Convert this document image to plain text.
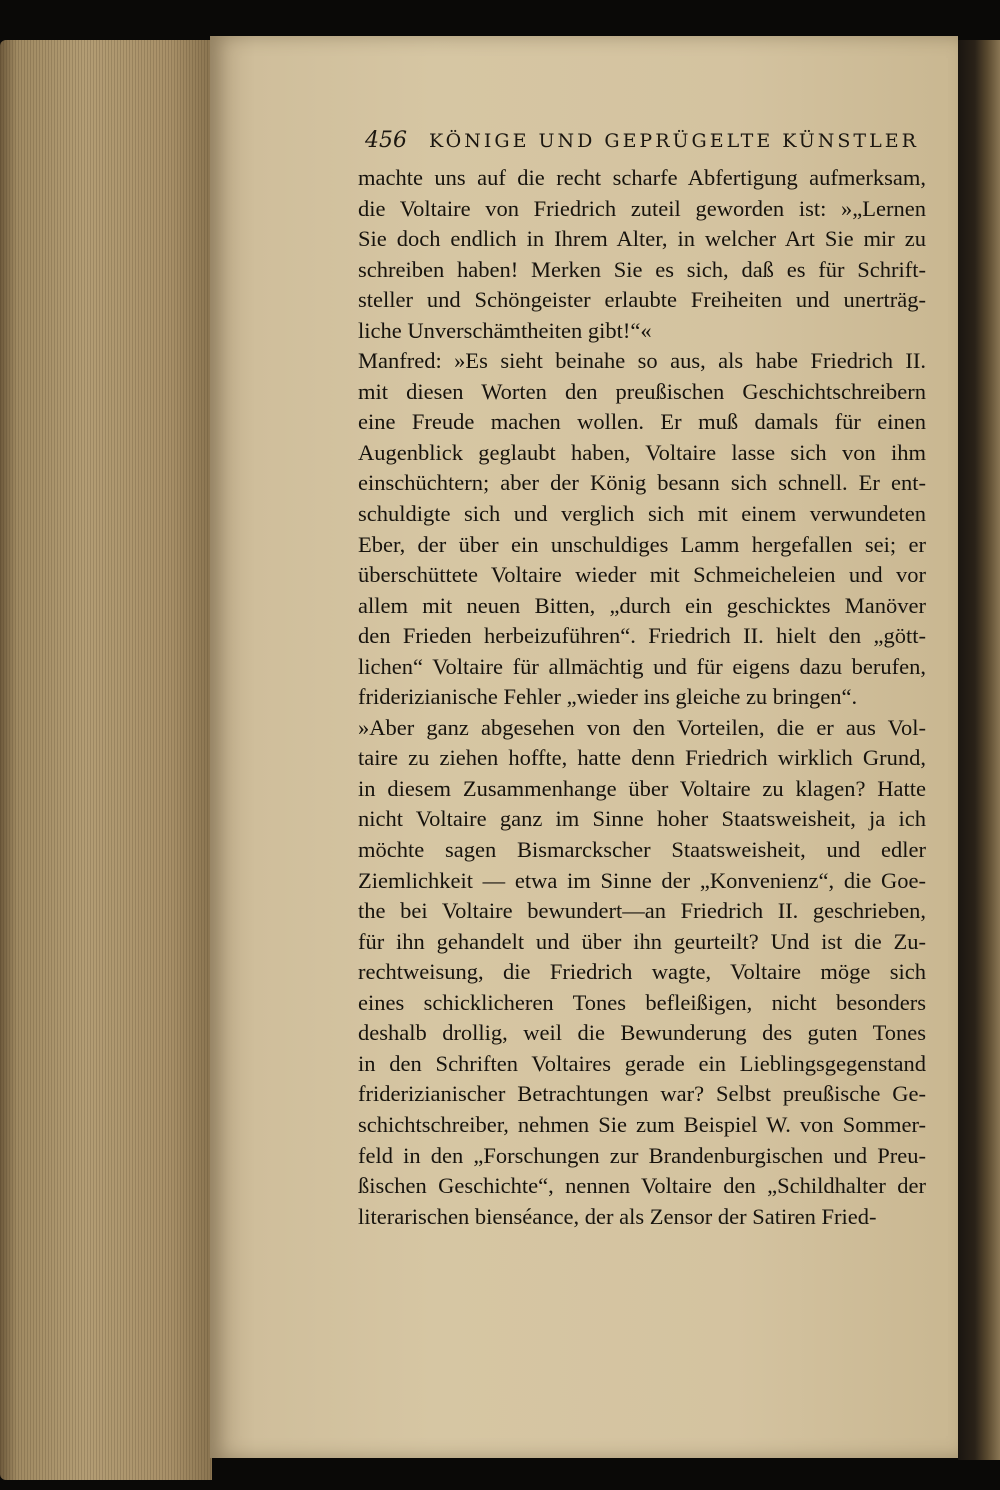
456 KÖNIGE UND GEPRÜGELTE KÜNSTLER
machte uns auf die recht scharfe Abfertigung aufmerksam,
die Voltaire von Friedrich zuteil geworden ist: »„Lernen
Sie doch endlich in Ihrem Alter, in welcher Art Sie mir zu
schreiben haben! Merken Sie es sich, daß es für Schrift-
steller und Schöngeister erlaubte Freiheiten und unerträg-
liche Unverschämtheiten gibt!“«
Manfred: »Es sieht beinahe so aus, als habe Friedrich II.
mit diesen Worten den preußischen Geschichtschreibern
eine Freude machen wollen. Er muß damals für einen
Augenblick geglaubt haben, Voltaire lasse sich von ihm
einschüchtern; aber der König besann sich schnell. Er ent-
schuldigte sich und verglich sich mit einem verwundeten
Eber, der über ein unschuldiges Lamm hergefallen sei; er
überschüttete Voltaire wieder mit Schmeicheleien und vor
allem mit neuen Bitten, „durch ein geschicktes Manöver
den Frieden herbeizuführen“. Friedrich II. hielt den „gött-
lichen“ Voltaire für allmächtig und für eigens dazu berufen,
friderizianische Fehler „wieder ins gleiche zu bringen“.
»Aber ganz abgesehen von den Vorteilen, die er aus Vol-
taire zu ziehen hoffte, hatte denn Friedrich wirklich Grund,
in diesem Zusammenhange über Voltaire zu klagen? Hatte
nicht Voltaire ganz im Sinne hoher Staatsweisheit, ja ich
möchte sagen Bismarckscher Staatsweisheit, und edler
Ziemlichkeit — etwa im Sinne der „Konvenienz“, die Goe-
the bei Voltaire bewundert—an Friedrich II. geschrieben,
für ihn gehandelt und über ihn geurteilt? Und ist die Zu-
rechtweisung, die Friedrich wagte, Voltaire möge sich
eines schicklicheren Tones befleißigen, nicht besonders
deshalb drollig, weil die Bewunderung des guten Tones
in den Schriften Voltaires gerade ein Lieblingsgegenstand
friderizianischer Betrachtungen war? Selbst preußische Ge-
schichtschreiber, nehmen Sie zum Beispiel W. von Sommer-
feld in den „Forschungen zur Brandenburgischen und Preu-
ßischen Geschichte“, nennen Voltaire den „Schildhalter der
literarischen bienséance, der als Zensor der Satiren Fried-
